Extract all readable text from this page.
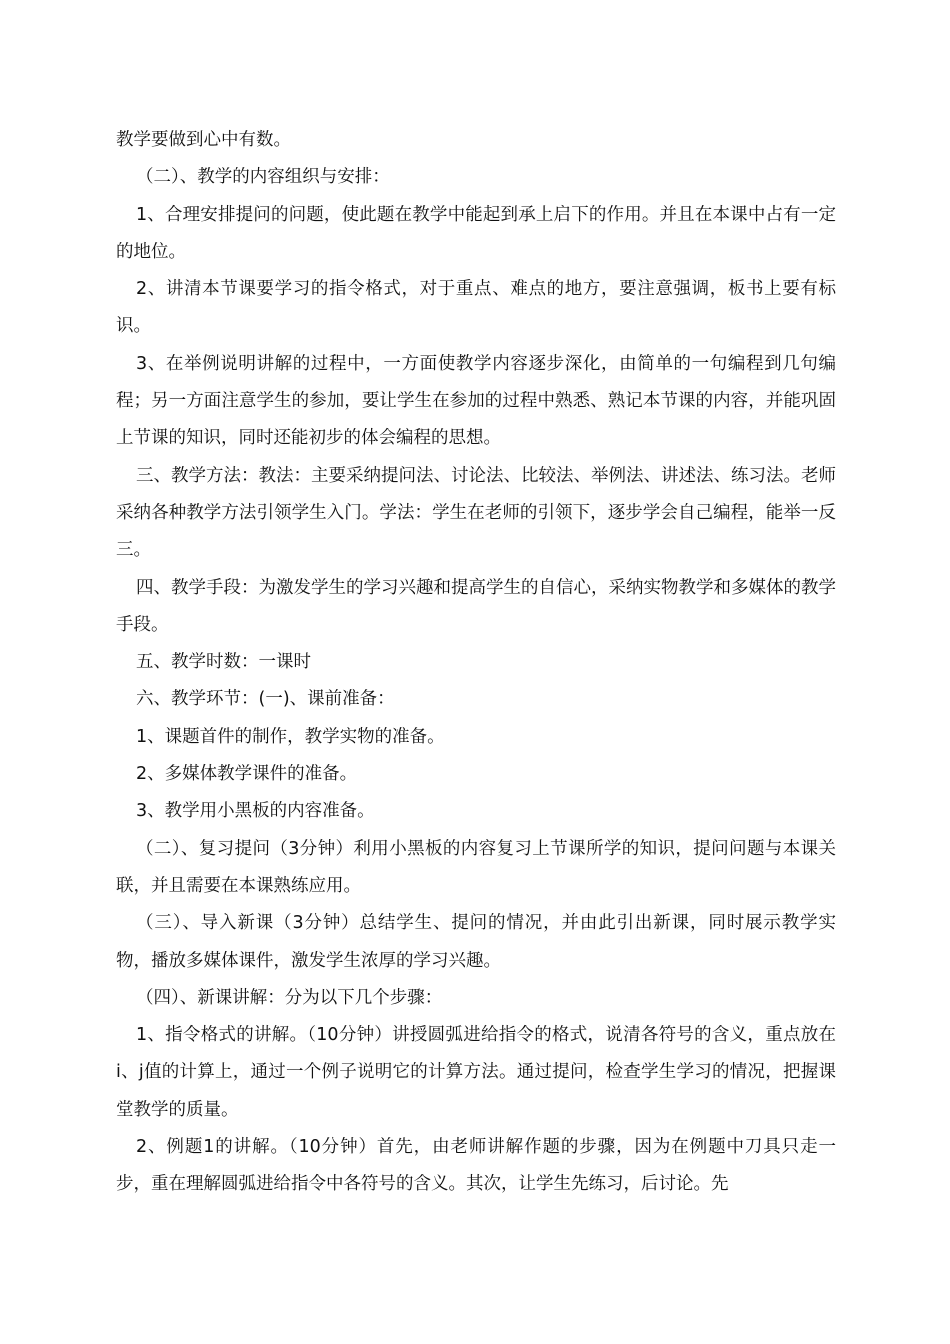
教学要做到心中有数。

（二）、教学的内容组织与安排：

1、合理安排提问的问题，使此题在教学中能起到承上启下的作用。并且在本课中占有一定的地位。

2、讲清本节课要学习的指令格式，对于重点、难点的地方，要注意强调，板书上要有标识。

3、在举例说明讲解的过程中，一方面使教学内容逐步深化，由简单的一句编程到几句编程；另一方面注意学生的参加，要让学生在参加的过程中熟悉、熟记本节课的内容，并能巩固上节课的知识，同时还能初步的体会编程的思想。

三、教学方法：教法：主要采纳提问法、讨论法、比较法、举例法、讲述法、练习法。老师采纳各种教学方法引领学生入门。学法：学生在老师的引领下，逐步学会自己编程，能举一反三。

四、教学手段：为激发学生的学习兴趣和提高学生的自信心，采纳实物教学和多媒体的教学手段。

五、教学时数：一课时

六、教学环节：(一)、课前准备：

1、课题首件的制作，教学实物的准备。

2、多媒体教学课件的准备。

3、教学用小黑板的内容准备。

（二）、复习提问（3分钟）利用小黑板的内容复习上节课所学的知识，提问问题与本课关联，并且需要在本课熟练应用。

（三）、导入新课（3分钟）总结学生、提问的情况，并由此引出新课，同时展示教学实物，播放多媒体课件，激发学生浓厚的学习兴趣。

（四）、新课讲解：分为以下几个步骤：

1、指令格式的讲解。（10分钟）讲授圆弧进给指令的格式，说清各符号的含义，重点放在i、j值的计算上，通过一个例子说明它的计算方法。通过提问，检查学生学习的情况，把握课堂教学的质量。

2、例题1的讲解。（10分钟）首先，由老师讲解作题的步骤，因为在例题中刀具只走一步，重在理解圆弧进给指令中各符号的含义。其次，让学生先练习，后讨论。先
